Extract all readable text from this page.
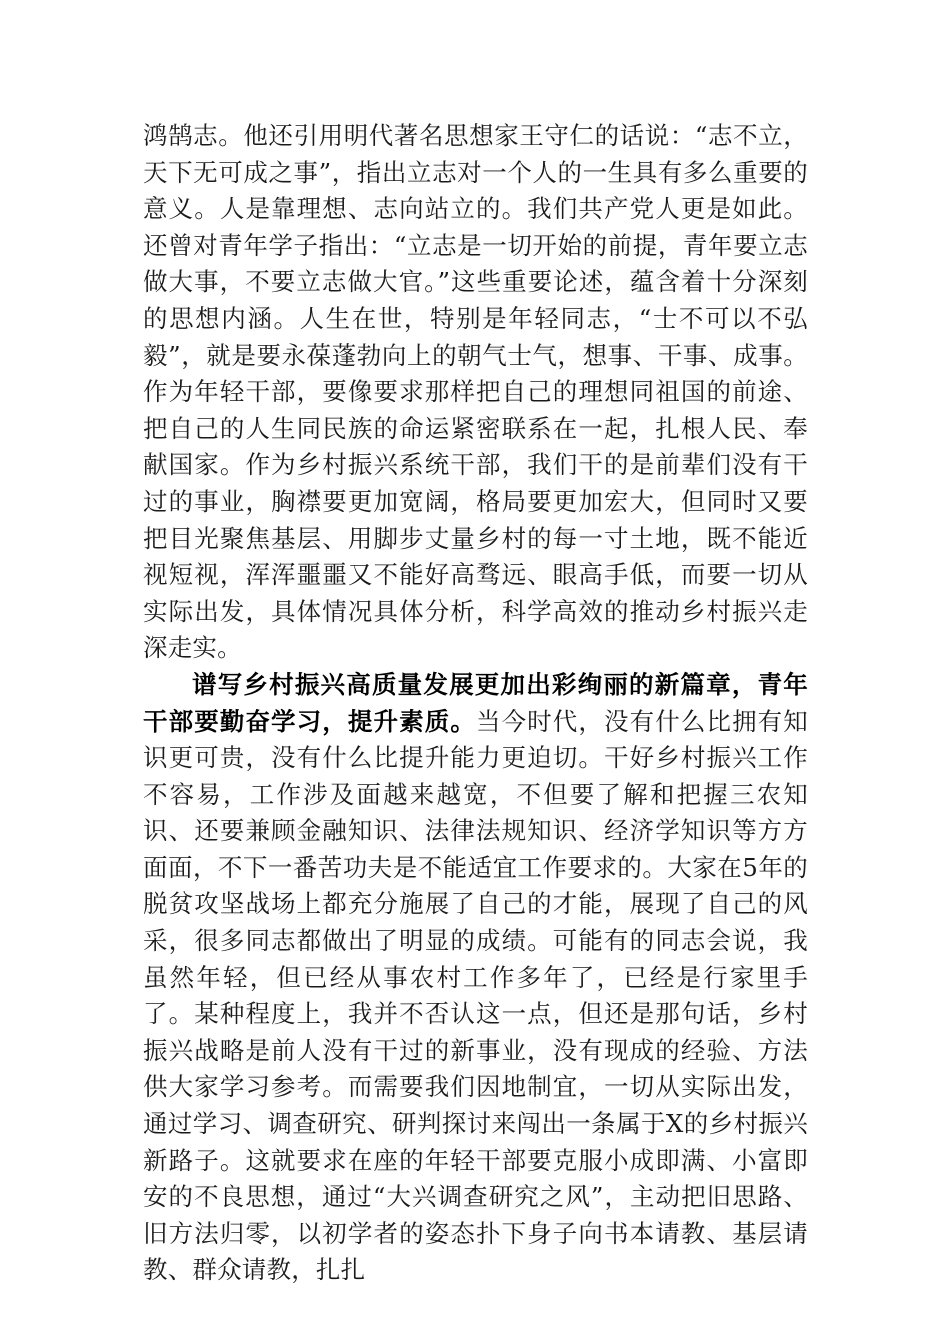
鸿鹄志。他还引用明代著名思想家王守仁的话说：“志不立，天下无可成之事”，指出立志对一个人的一生具有多么重要的意义。人是靠理想、志向站立的。我们共产党人更是如此。还曾对青年学子指出：“立志是一切开始的前提，青年要立志做大事，不要立志做大官。”这些重要论述，蕴含着十分深刻的思想内涵。人生在世，特别是年轻同志，“士不可以不弘毅”，就是要永葆蓬勃向上的朝气士气，想事、干事、成事。作为年轻干部，要像要求那样把自己的理想同祖国的前途、把自己的人生同民族的命运紧密联系在一起，扎根人民、奉献国家。作为乡村振兴系统干部，我们干的是前辈们没有干过的事业，胸襟要更加宽阔，格局要更加宏大，但同时又要把目光聚焦基层、用脚步丈量乡村的每一寸土地，既不能近视短视，浑浑噩噩又不能好高骛远、眼高手低，而要一切从实际出发，具体情况具体分析，科学高效的推动乡村振兴走深走实。

谱写乡村振兴高质量发展更加出彩绚丽的新篇章，青年干部要勤奋学习，提升素质。当今时代，没有什么比拥有知识更可贵，没有什么比提升能力更迫切。干好乡村振兴工作不容易，工作涉及面越来越宽，不但要了解和把握三农知识、还要兼顾金融知识、法律法规知识、经济学知识等方方面面，不下一番苦功夫是不能适宜工作要求的。大家在5年的脱贫攻坚战场上都充分施展了自己的才能，展现了自己的风采，很多同志都做出了明显的成绩。可能有的同志会说，我虽然年轻，但已经从事农村工作多年了，已经是行家里手了。某种程度上，我并不否认这一点，但还是那句话，乡村振兴战略是前人没有干过的新事业，没有现成的经验、方法供大家学习参考。而需要我们因地制宜，一切从实际出发，通过学习、调查研究、研判探讨来闯出一条属于X的乡村振兴新路子。这就要求在座的年轻干部要克服小成即满、小富即安的不良思想，通过“大兴调查研究之风”，主动把旧思路、旧方法归零，以初学者的姿态扑下身子向书本请教、基层请教、群众请教，扎扎
